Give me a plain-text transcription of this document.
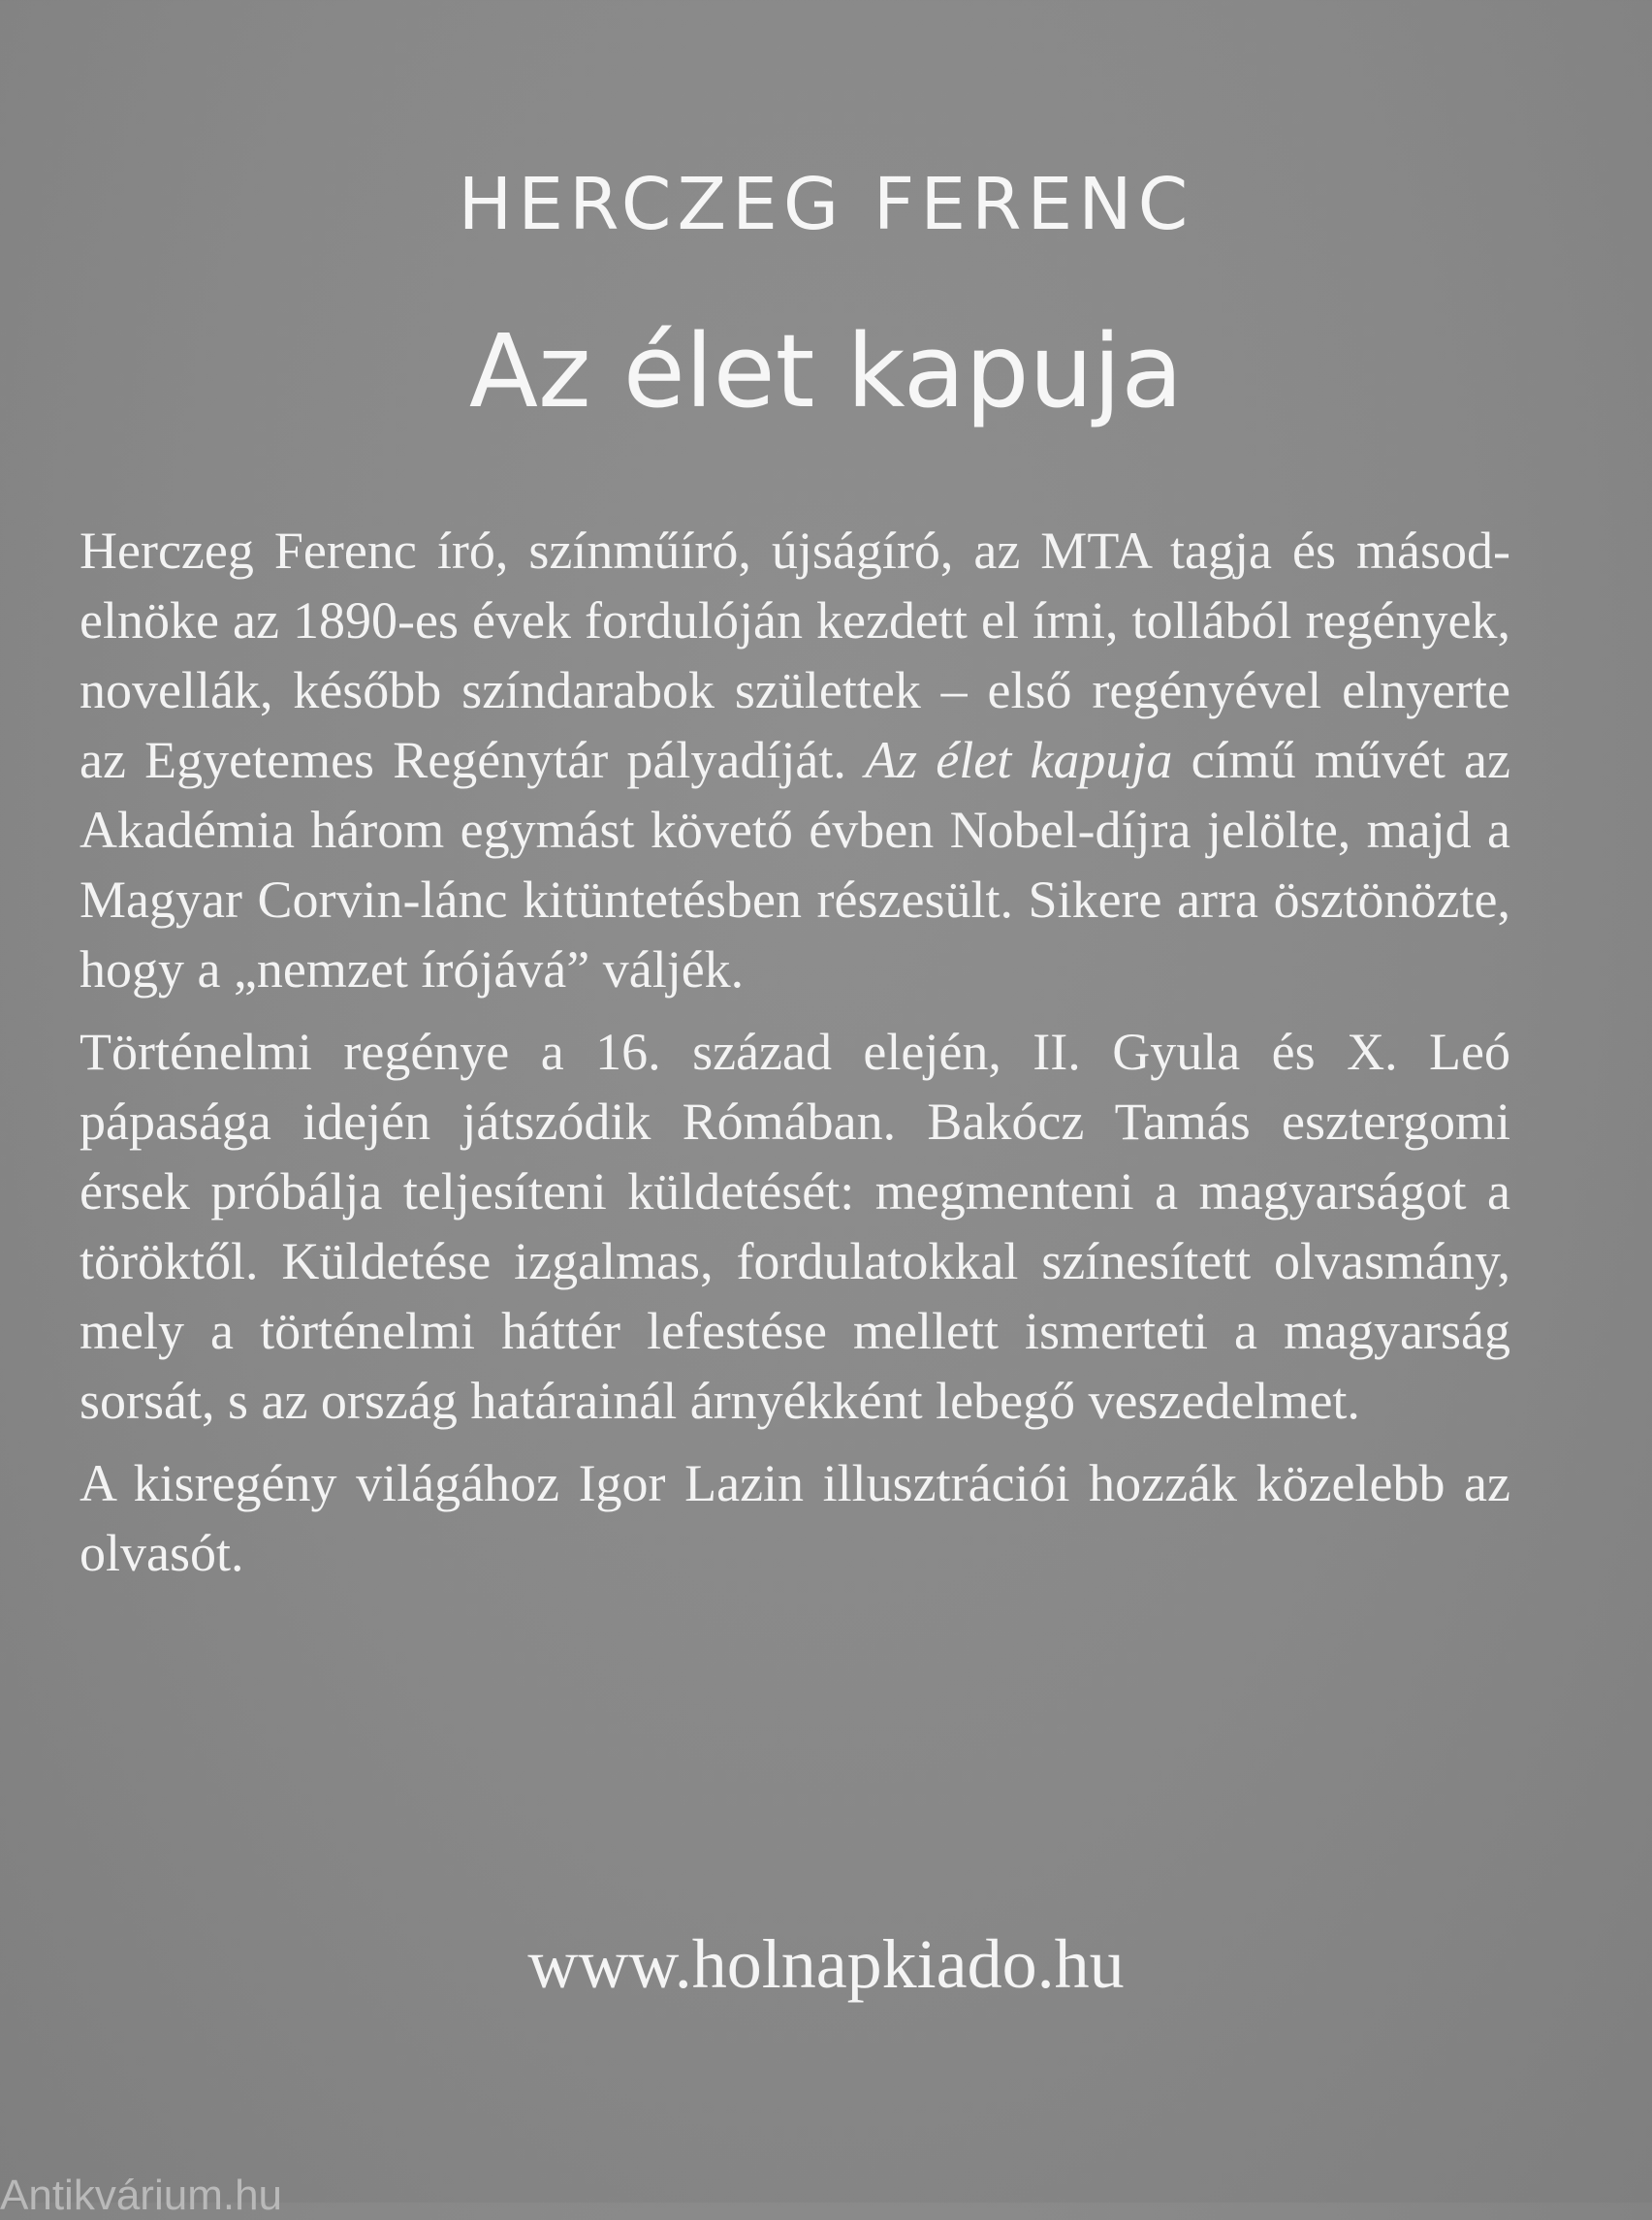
HERCZEG FERENC
Az élet kapuja

Herczeg Ferenc író, színműíró, újságíró, az MTA tagja és másodelnöke az 1890-es évek fordulóján kezdett el írni, tollából regények, novellák, később színdarabok születtek – első regényével elnyerte az Egyetemes Regénytár pályadíját. Az élet kapuja című művét az Akadémia három egymást követő évben Nobel-díjra jelölte, majd a Magyar Corvin-lánc kitüntetésben részesült. Sikere arra ösztönözte, hogy a „nemzet írójává” váljék.

Történelmi regénye a 16. század elején, II. Gyula és X. Leó pápasága idején játszódik Rómában. Bakócz Tamás esztergomi érsek próbálja teljesíteni küldetését: megmenteni a magyarságot a töröktől. Küldetése izgalmas, fordulatokkal színesített olvasmány, mely a történelmi háttér lefestése mellett ismerteti a magyarság sorsát, s az ország határainál árnyékként lebegő veszedelmet.

A kisregény világához Igor Lazin illusztrációi hozzák közelebb az olvasót.

www.holnapkiado.hu
Antikvárium.hu
